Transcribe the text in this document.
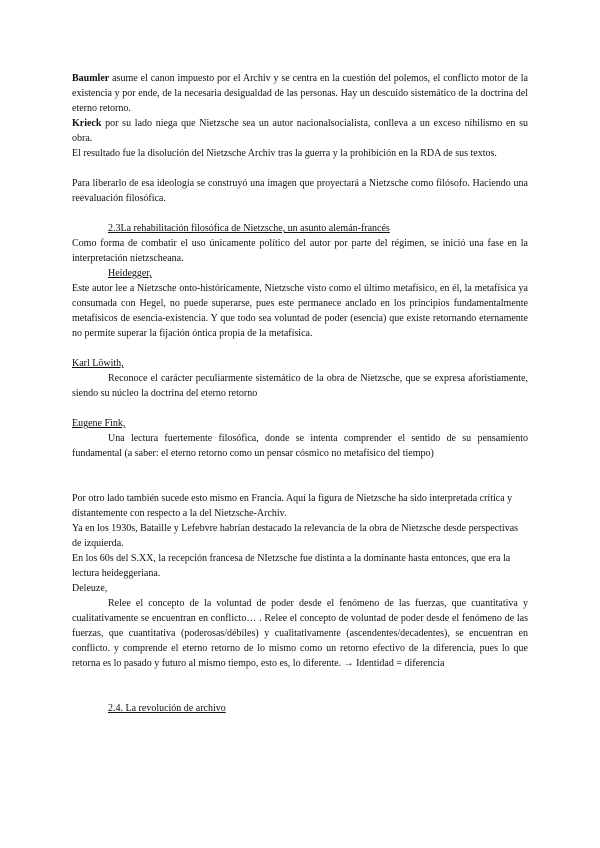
Baumler asume el canon impuesto por el Archiv y se centra en la cuestión del polemos, el conflicto motor de la existencia y por ende, de la necesaria desigualdad de las personas. Hay un descuido sistemático de la doctrina del eterno retorno.

Krieck por su lado niega que Nietzsche sea un autor nacionalsocialista, conlleva a un exceso nihilismo en su obra.

El resultado fue la disolución del Nietzsche Archiv tras la guerra y la prohibición en la RDA de sus textos.

Para liberarlo de esa ideología se construyó una imagen que proyectará a Nietzsche como filósofo. Haciendo una reevaluación filosófica.

2.3La rehabilitación filosófica de Nietzsche, un asunto alemán-francés

Como forma de combatir el uso únicamente político del autor por parte del régimen, se inició una fase en la interpretación nietzscheana.

Heidegger,

Este autor lee a Nietzsche onto-históricamente, Nietzsche visto como el último metafísico, en él, la metafísica ya consumada con Hegel, no puede superarse, pues este permanece anclado en los principios fundamentalmente metafísicos de esencia-existencia. Y que todo sea voluntad de poder (esencia) que existe retornando eternamente no permite superar la fijación óntica propia de la metafísica.

Karl Löwith,

Reconoce el carácter peculiarmente sistemático de la obra de Nietzsche, que se expresa aforistiamente, siendo su núcleo la doctrina del eterno retorno

Eugene Fink,

Una lectura fuertemente filosófica, donde se intenta comprender el sentido de su pensamiento fundamental (a saber: el eterno retorno como un pensar cósmico no metafísico del tiempo)

Por otro lado también sucede esto mismo en Francia. Aquí la figura de Nietzsche ha sido interpretada crítica y distantemente con respecto a la del Nietzsche-Archiv.

Ya en los 1930s, Bataille y Lefebvre habrían destacado la relevancia de la obra de Nietzsche desde perspectivas de izquierda.

En los 60s del S.XX, la recepción francesa de NIetzsche fue distinta a la dominante hasta entonces, que era la lectura heideggeriana.

Deleuze,

Relee el concepto de la voluntad de poder desde el fenómeno de las fuerzas, que cuantitativa y cualitativamente se encuentran en conflicto… . Relee el concepto de voluntad de poder desde el fenómeno de las fuerzas, que cuantitativa (poderosas/débiles) y cualitativamente (ascendentes/decadentes), se encuentran en conflicto. y comprende el eterno retorno de lo mismo como un retorno efectivo de la diferencia, pues lo que retorna es lo pasado y futuro al mismo tiempo, esto es, lo diferente. → Identidad = diferencia

2.4. La revolución de archivo
